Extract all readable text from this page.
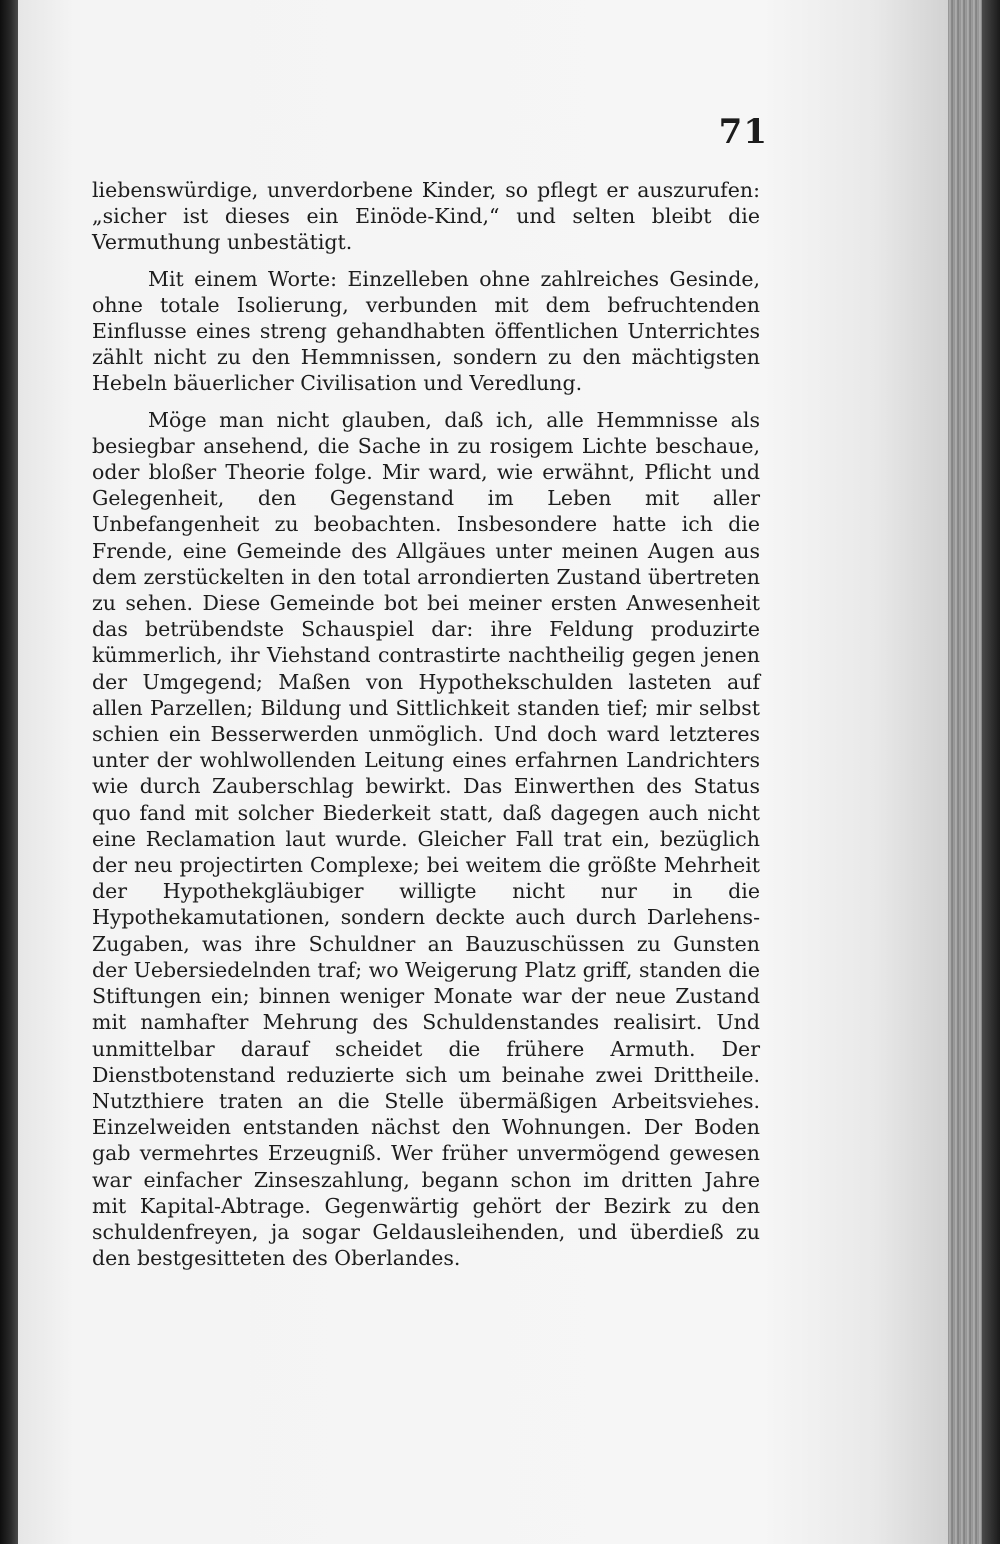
71

liebenswürdige, unverdorbene Kinder, so pflegt er auszurufen: „sicher ist dieses ein Einöde-Kind,“ und selten bleibt die Vermuthung unbestätigt.

Mit einem Worte: Einzelleben ohne zahlreiches Gesinde, ohne totale Isolierung, verbunden mit dem befruchtenden Einflusse eines streng gehandhabten öffentlichen Unterrichtes zählt nicht zu den Hemmnissen, sondern zu den mächtigsten Hebeln bäuerlicher Civilisation und Veredlung.

Möge man nicht glauben, daß ich, alle Hemmnisse als besiegbar ansehend, die Sache in zu rosigem Lichte beschaue, oder bloßer Theorie folge. Mir ward, wie erwähnt, Pflicht und Gelegenheit, den Gegenstand im Leben mit aller Unbefangenheit zu beobachten. Insbesondere hatte ich die Frende, eine Gemeinde des Allgäues unter meinen Augen aus dem zerstückelten in den total arrondierten Zustand übertreten zu sehen. Diese Gemeinde bot bei meiner ersten Anwesenheit das betrübendste Schauspiel dar: ihre Feldung produzirte kümmerlich, ihr Viehstand contrastirte nachtheilig gegen jenen der Umgegend; Maßen von Hypothekschulden lasteten auf allen Parzellen; Bildung und Sittlichkeit standen tief; mir selbst schien ein Besserwerden unmöglich. Und doch ward letzteres unter der wohlwollenden Leitung eines erfahrnen Landrichters wie durch Zauberschlag bewirkt. Das Einwerthen des Status quo fand mit solcher Biederkeit statt, daß dagegen auch nicht eine Reclamation laut wurde. Gleicher Fall trat ein, bezüglich der neu projectirten Complexe; bei weitem die größte Mehrheit der Hypothekgläubiger willigte nicht nur in die Hypothekamutationen, sondern deckte auch durch Darlehens-Zugaben, was ihre Schuldner an Bauzuschüssen zu Gunsten der Uebersiedelnden traf; wo Weigerung Platz griff, standen die Stiftungen ein; binnen weniger Monate war der neue Zustand mit namhafter Mehrung des Schuldenstandes realisirt. Und unmittelbar darauf scheidet die frühere Armuth. Der Dienstbotenstand reduzierte sich um beinahe zwei Drittheile. Nutzthiere traten an die Stelle übermäßigen Arbeitsviehes. Einzelweiden entstanden nächst den Wohnungen. Der Boden gab vermehrtes Erzeugniß. Wer früher unvermögend gewesen war einfacher Zinseszahlung, begann schon im dritten Jahre mit Kapital-Abtrage. Gegenwärtig gehört der Bezirk zu den schuldenfreyen, ja sogar Geldausleihenden, und überdieß zu den bestgesitteten des Oberlandes.
